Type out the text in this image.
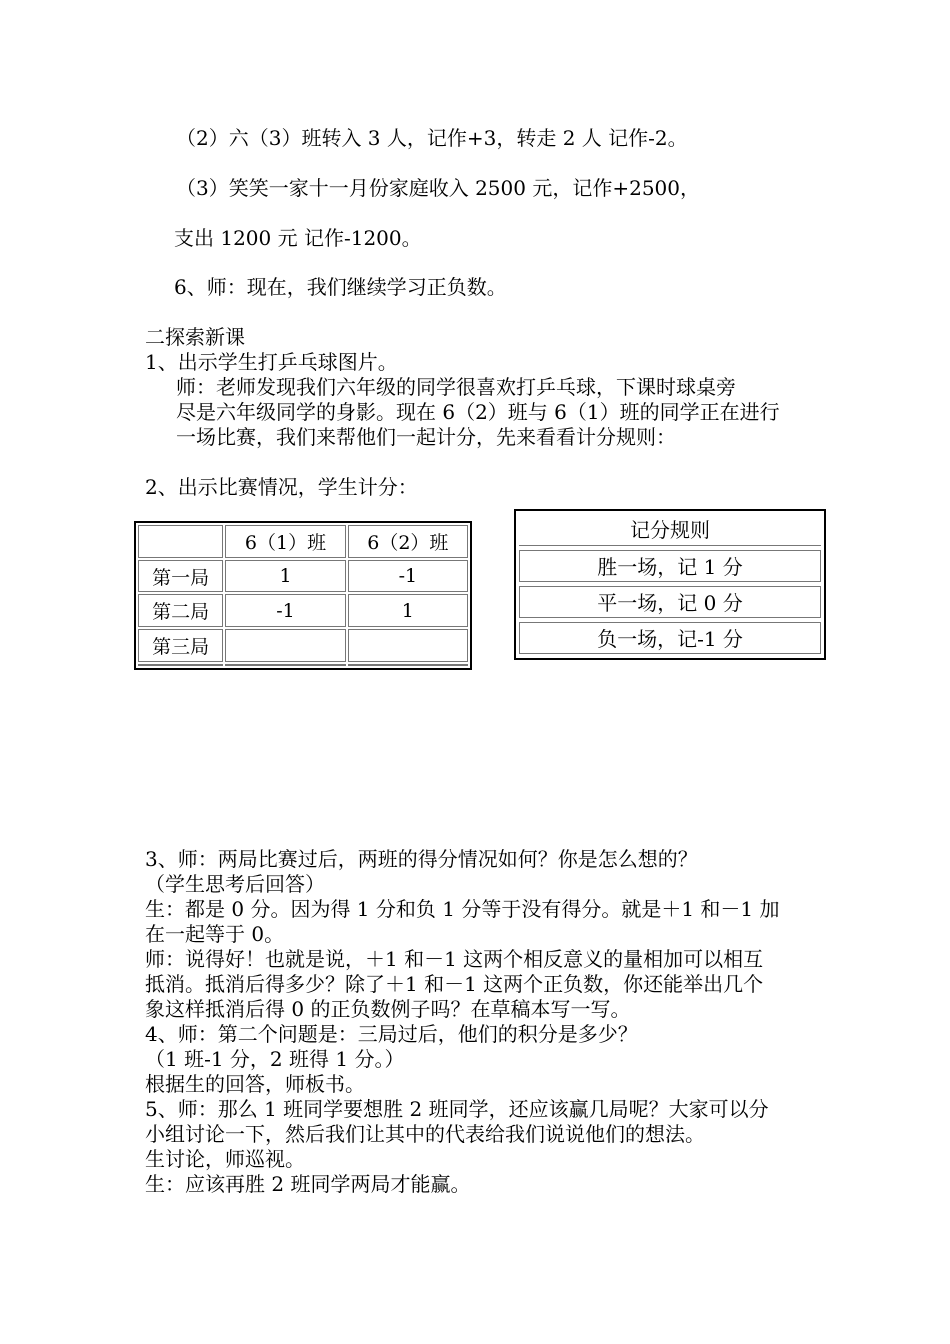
（2）六（3）班转入 3 人，记作+3，转走 2 人 记作-2。
（3）笑笑一家十一月份家庭收入 2500 元，记作+2500，
支出 1200 元 记作-1200。
6、师：现在，我们继续学习正负数。
二探索新课
1、出示学生打乒乓球图片。
师：老师发现我们六年级的同学很喜欢打乒乓球，下课时球桌旁
尽是六年级同学的身影。现在 6（2）班与 6（1）班的同学正在进行
一场比赛，我们来帮他们一起计分，先来看看计分规则：
2、出示比赛情况，学生计分：
	6（1）班	6（2）班
第一局	1	-1
第二局	-1	1
第三局		

记分规则
胜一场，记 1 分
平一场，记 0 分
负一场，记-1 分
3、师：两局比赛过后，两班的得分情况如何？你是怎么想的？
（学生思考后回答）
生：都是 0 分。因为得 1 分和负 1 分等于没有得分。就是＋1 和－1 加
在一起等于 0。
师：说得好！也就是说，＋1 和－1 这两个相反意义的量相加可以相互
抵消。抵消后得多少？除了＋1 和－1 这两个正负数，你还能举出几个
象这样抵消后得 0 的正负数例子吗？在草稿本写一写。
4、师：第二个问题是：三局过后，他们的积分是多少？
（1 班-1 分，2 班得 1 分。）
根据生的回答，师板书。
5、师：那么 1 班同学要想胜 2 班同学，还应该赢几局呢？大家可以分
小组讨论一下，然后我们让其中的代表给我们说说他们的想法。
生讨论，师巡视。
生：应该再胜 2 班同学两局才能赢。
